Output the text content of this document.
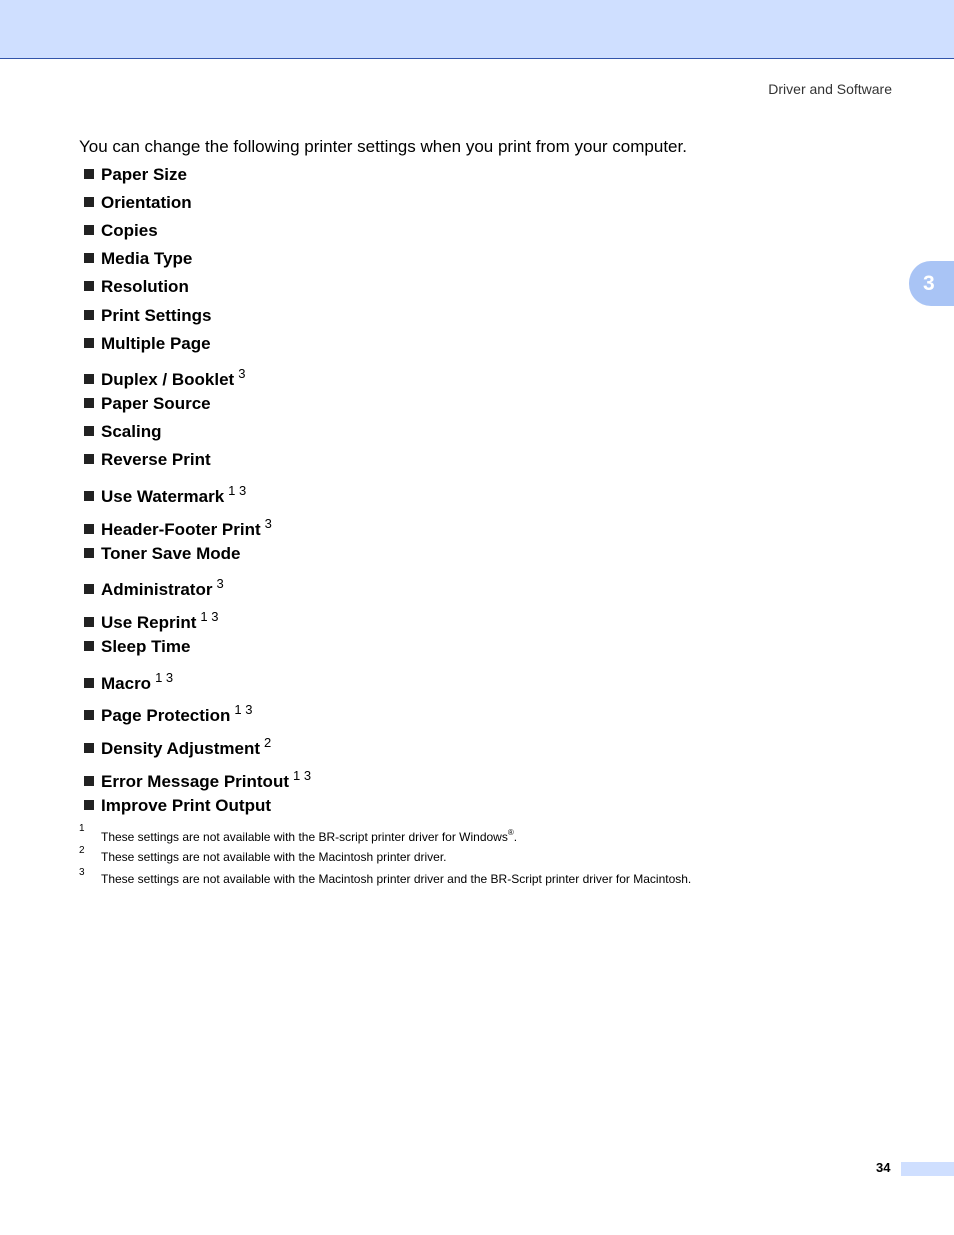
Driver and Software
3
You can change the following printer settings when you print from your computer.
Paper Size
Orientation
Copies
Media Type
Resolution
Print Settings
Multiple Page
Duplex / Booklet $^3$
Paper Source
Scaling
Reverse Print
Use Watermark $^{1 3}$
Header-Footer Print $^3$
Toner Save Mode
Administrator $^3$
Use Reprint $^{1 3}$
Sleep Time
Macro $^{1 3}$
Page Protection $^{1 3}$
Density Adjustment $^2$
Error Message Printout $^{1 3}$
Improve Print Output
1
These settings are not available with the BR-script printer driver for Windows®.
2 These settings are not available with the Macintosh printer driver.
3 These settings are not available with the Macintosh printer driver and the BR-Script printer driver for Macintosh.
34
